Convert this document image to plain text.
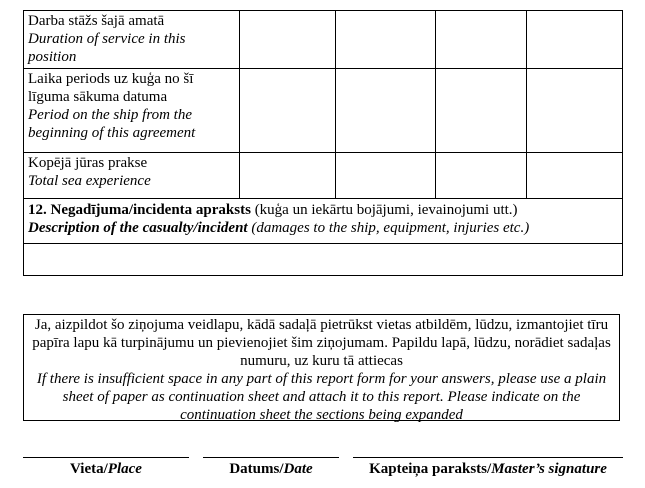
Darba stāžs šajā amatā
Duration of service in this position				
Laika periods uz kuģa no šī līguma sākuma datuma
Period on the ship from the beginning of this agreement				
Kopējā jūras prakse
Total sea experience				
12. Negadījuma/incidenta apraksts (kuģa un iekārtu bojājumi, ievainojumi utt.)
Description of the casualty/incident (damages to the ship, equipment, injuries etc.)				

Ja, aizpildot šo ziņojuma veidlapu, kādā sadaļā pietrūkst vietas atbildēm, lūdzu, izmantojiet tīru papīra lapu kā turpinājumu un pievienojiet šim ziņojumam. Papildu lapā, lūdzu, norādiet sadaļas numuru, uz kuru tā attiecas
If there is insufficient space in any part of this report form for your answers, please use a plain sheet of paper as continuation sheet and attach it to this report. Please indicate on the continuation sheet the sections being expanded
Vieta/Place	Datums/Date	Kapteiņa paraksts/Master’s signature
